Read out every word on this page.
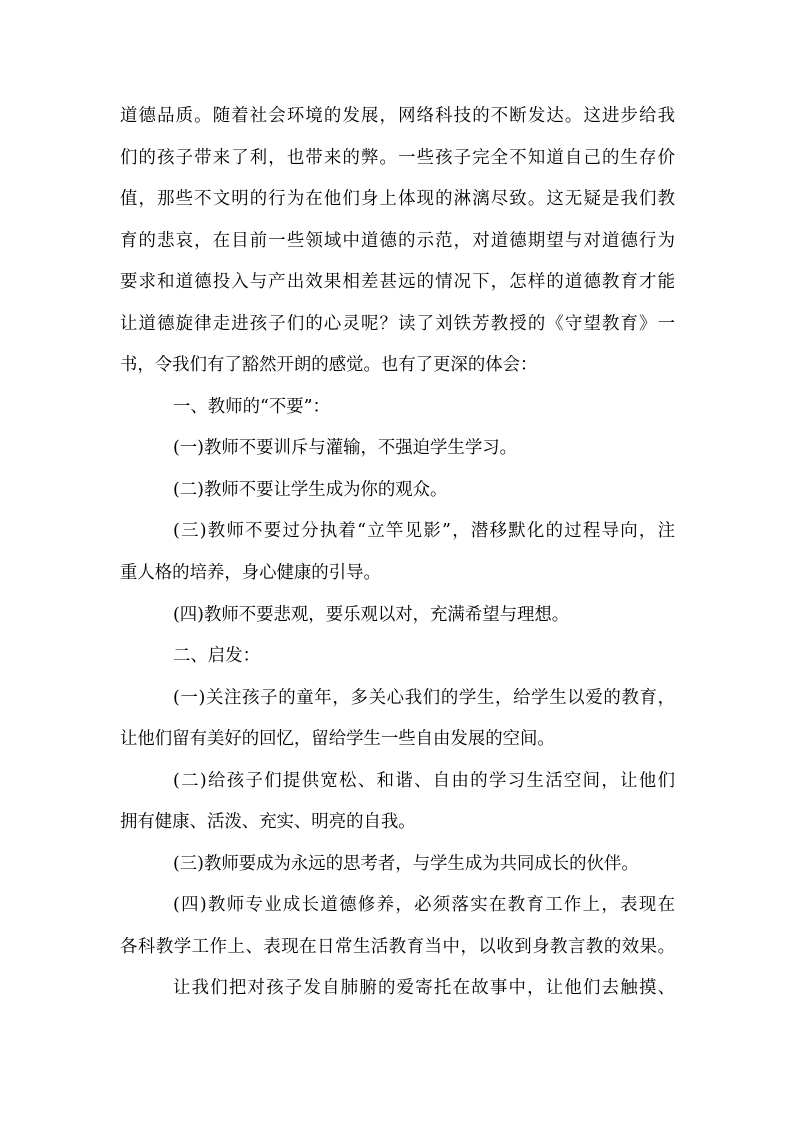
道德品质。随着社会环境的发展，网络科技的不断发达。这进步给我
们的孩子带来了利，也带来的弊。一些孩子完全不知道自己的生存价
值，那些不文明的行为在他们身上体现的淋漓尽致。这无疑是我们教
育的悲哀，在目前一些领域中道德的示范，对道德期望与对道德行为
要求和道德投入与产出效果相差甚远的情况下，怎样的道德教育才能
让道德旋律走进孩子们的心灵呢？读了刘铁芳教授的《守望教育》一
书，令我们有了豁然开朗的感觉。也有了更深的体会：
一、教师的“不要”：
(一)教师不要训斥与灌输，不强迫学生学习。
(二)教师不要让学生成为你的观众。
(三)教师不要过分执着“立竿见影”，潜移默化的过程导向，注
重人格的培养，身心健康的引导。
(四)教师不要悲观，要乐观以对，充满希望与理想。
二、启发：
(一)关注孩子的童年，多关心我们的学生，给学生以爱的教育，
让他们留有美好的回忆，留给学生一些自由发展的空间。
(二)给孩子们提供宽松、和谐、自由的学习生活空间，让他们
拥有健康、活泼、充实、明亮的自我。
(三)教师要成为永远的思考者，与学生成为共同成长的伙伴。
(四)教师专业成长道德修养，必须落实在教育工作上，表现在
各科教学工作上、表现在日常生活教育当中，以收到身教言教的效果。
让我们把对孩子发自肺腑的爱寄托在故事中，让他们去触摸、
